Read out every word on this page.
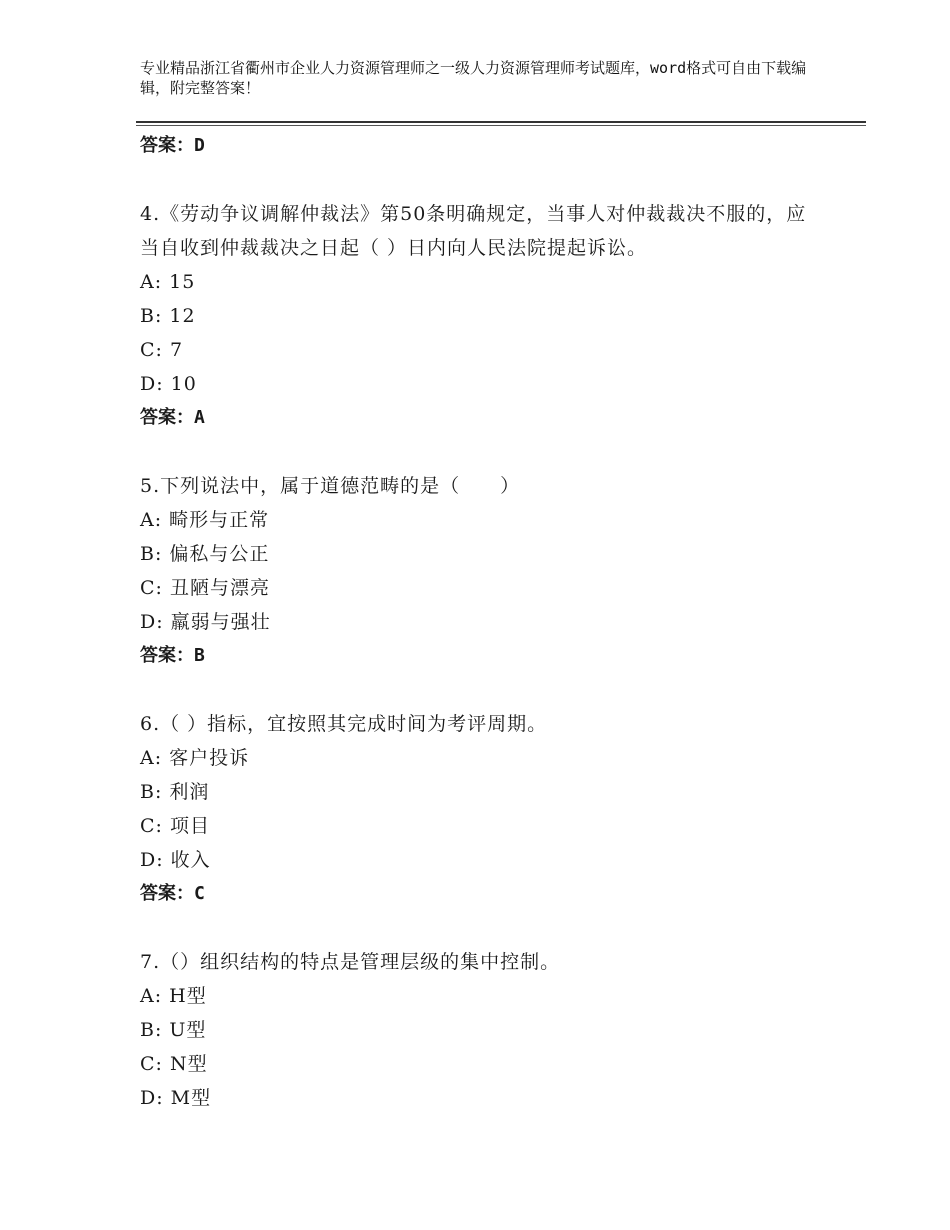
专业精品浙江省衢州市企业人力资源管理师之一级人力资源管理师考试题库，word格式可自由下载编辑，附完整答案！
答案：D
4.《劳动争议调解仲裁法》第50条明确规定，当事人对仲裁裁决不服的，应当自收到仲裁裁决之日起（ ）日内向人民法院提起诉讼。
A: 15
B: 12
C: 7
D: 10
答案：A
5.下列说法中，属于道德范畴的是（　　）
A: 畸形与正常
B: 偏私与公正
C: 丑陋与漂亮
D: 羸弱与强壮
答案：B
6.（ ）指标，宜按照其完成时间为考评周期。
A: 客户投诉
B: 利润
C: 项目
D: 收入
答案：C
7.（）组织结构的特点是管理层级的集中控制。
A: H型
B: U型
C: N型
D: M型
